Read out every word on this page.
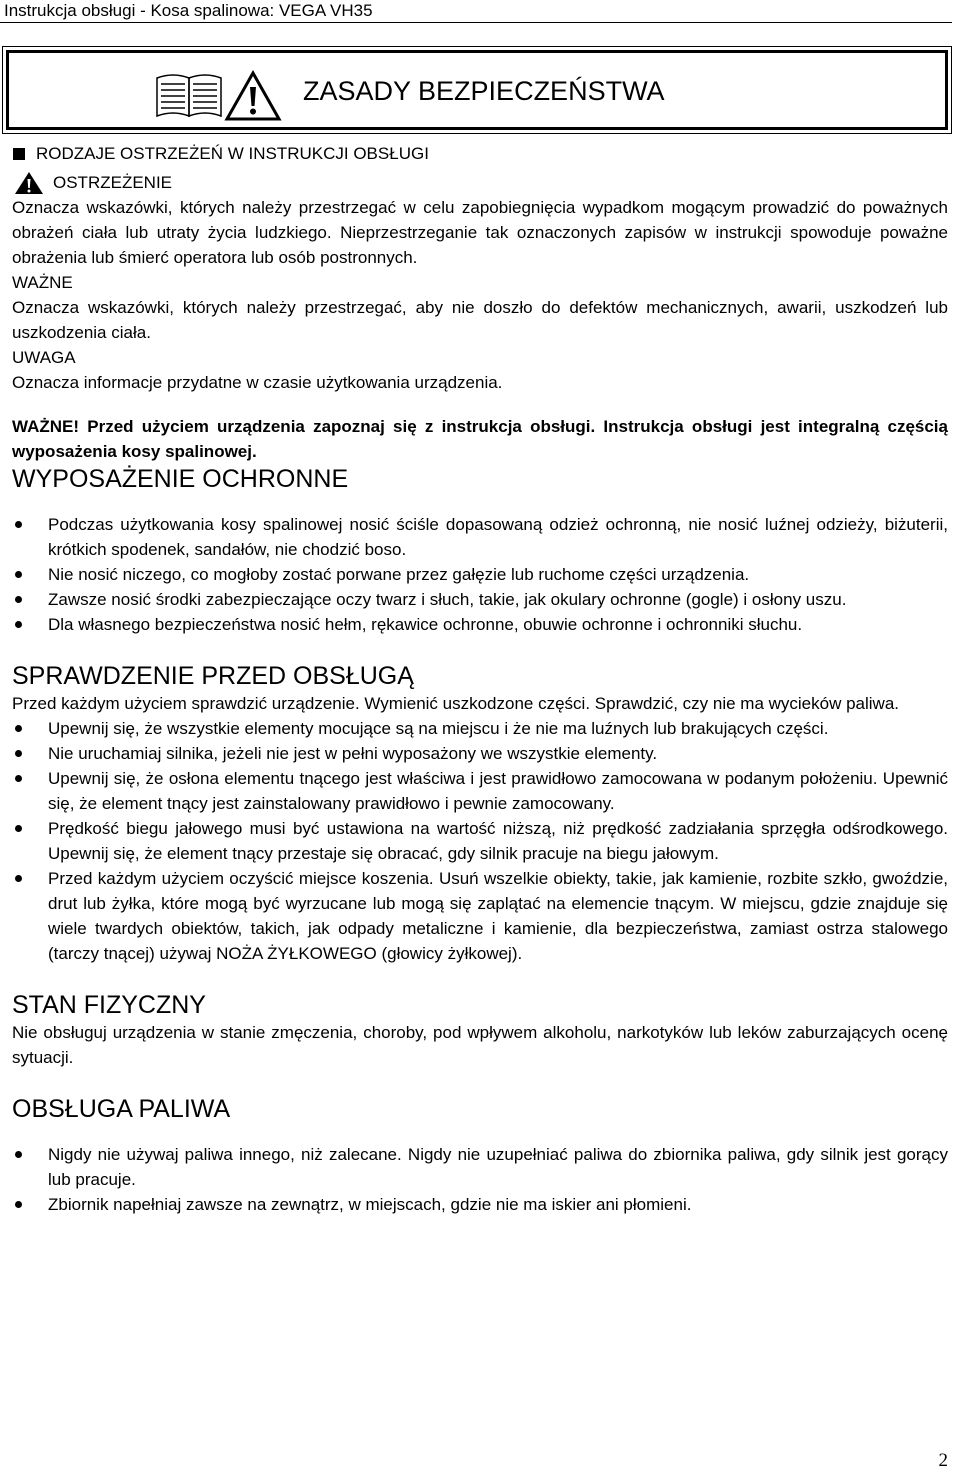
Instrukcja obsługi - Kosa spalinowa: VEGA VH35
ZASADY BEZPIECZEŃSTWA
RODZAJE OSTRZEŻEŃ W INSTRUKCJI OBSŁUGI
OSTRZEŻENIE

Oznacza wskazówki, których należy przestrzegać w celu zapobiegnięcia wypadkom mogącym prowadzić do poważnych obrażeń ciała lub utraty życia ludzkiego. Nieprzestrzeganie tak oznaczonych zapisów w instrukcji spowoduje poważne obrażenia lub śmierć operatora lub osób postronnych.

WAŻNE

Oznacza wskazówki, których należy przestrzegać, aby nie doszło do defektów mechanicznych, awarii, uszkodzeń lub uszkodzenia ciała.

UWAGA

Oznacza informacje przydatne w czasie użytkowania urządzenia.

WAŻNE! Przed użyciem urządzenia zapoznaj się z instrukcja obsługi. Instrukcja obsługi jest integralną częścią wyposażenia kosy spalinowej.

WYPOSAŻENIE OCHRONNE
Podczas użytkowania kosy spalinowej nosić ściśle dopasowaną odzież ochronną, nie nosić luźnej odzieży, biżuterii, krótkich spodenek, sandałów, nie chodzić boso.
Nie nosić niczego, co mogłoby zostać porwane przez gałęzie lub ruchome części urządzenia.
Zawsze nosić środki zabezpieczające oczy twarz i słuch, takie, jak okulary ochronne (gogle) i osłony uszu.
Dla własnego bezpieczeństwa nosić hełm, rękawice ochronne, obuwie ochronne i ochronniki słuchu.
SPRAWDZENIE PRZED OBSŁUGĄ

Przed każdym użyciem sprawdzić urządzenie. Wymienić uszkodzone części. Sprawdzić, czy nie ma wycieków paliwa.

Upewnij się, że wszystkie elementy mocujące są na miejscu i że nie ma luźnych lub brakujących części.
Nie uruchamiaj silnika, jeżeli nie jest w pełni wyposażony we wszystkie elementy.
Upewnij się, że osłona elementu tnącego jest właściwa i jest prawidłowo zamocowana w podanym położeniu. Upewnić się, że element tnący jest zainstalowany prawidłowo i pewnie zamocowany.
Prędkość biegu jałowego musi być ustawiona na wartość niższą, niż prędkość zadziałania sprzęgła odśrodkowego. Upewnij się, że element tnący przestaje się obracać, gdy silnik pracuje na biegu jałowym.
Przed każdym użyciem oczyścić miejsce koszenia. Usuń wszelkie obiekty, takie, jak kamienie, rozbite szkło, gwoździe, drut lub żyłka, które mogą być wyrzucane lub mogą się zaplątać na elemencie tnącym. W miejscu, gdzie znajduje się wiele twardych obiektów, takich, jak odpady metaliczne i kamienie, dla bezpieczeństwa, zamiast ostrza stalowego (tarczy tnącej) używaj NOŻA ŻYŁKOWEGO (głowicy żyłkowej).
STAN FIZYCZNY

Nie obsługuj urządzenia w stanie zmęczenia, choroby, pod wpływem alkoholu, narkotyków lub leków zaburzających ocenę sytuacji.

OBSŁUGA PALIWA
Nigdy nie używaj paliwa innego, niż zalecane. Nigdy nie uzupełniać paliwa do zbiornika paliwa, gdy silnik jest gorący lub pracuje.
Zbiornik napełniaj zawsze na zewnątrz, w miejscach, gdzie nie ma iskier ani płomieni.
2
